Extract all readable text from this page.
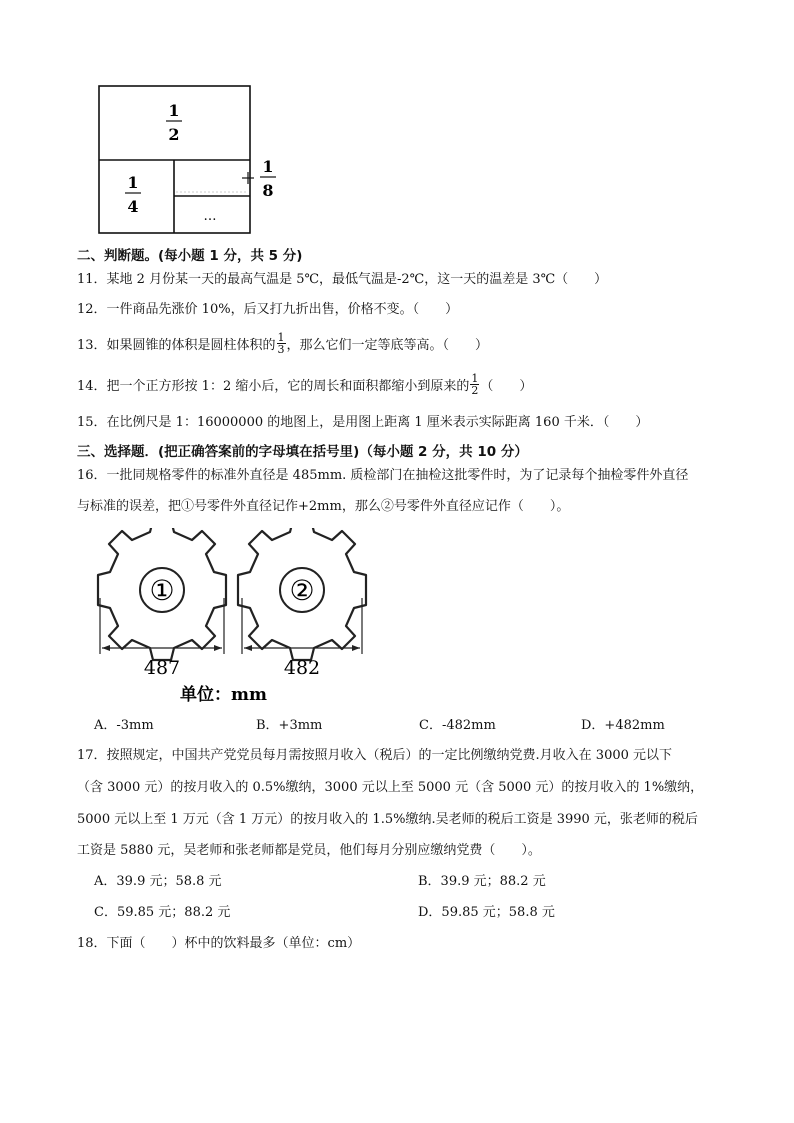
1
2
1
4
1
8
…
二、判断题。(每小题 1 分，共 5 分)
11．某地 2 月份某一天的最高气温是 5℃，最低气温是-2℃，这一天的温差是 3℃（　　）
12．一件商品先涨价 10%，后又打九折出售，价格不变。（　　）
13．如果圆锥的体积是圆柱体积的 $\frac{1}{3}$ ，那么它们一定等底等高。（　　）
14．把一个正方形按 1：2 缩小后，它的周长和面积都缩小到原来的 $\frac{1}{2}$ （　　）
15．在比例尺是 1：16000000 的地图上，是用图上距离 1 厘米表示实际距离 160 千米．（　　）
三、选择题．(把正确答案前的字母填在括号里)（每小题 2 分，共 10 分）
16．一批同规格零件的标准外直径是 485mm. 质检部门在抽检这批零件时，为了记录每个抽检零件外直径
与标准的误差，把①号零件外直径记作+2mm，那么②号零件外直径应记作（　　）。
①	②
487	482
单位：mm
A．-3mm	B．+3mm	C．-482mm	D．+482mm
17．按照规定，中国共产党党员每月需按照月收入（税后）的一定比例缴纳党费.月收入在 3000 元以下
（含 3000 元）的按月收入的 0.5%缴纳，3000 元以上至 5000 元（含 5000 元）的按月收入的 1%缴纳，
5000 元以上至 1 万元（含 1 万元）的按月收入的 1.5%缴纳.吴老师的税后工资是 3990 元，张老师的税后
工资是 5880 元，吴老师和张老师都是党员，他们每月分别应缴纳党费（　　）。
A．39.9 元；58.8 元	B．39.9 元；88.2 元
C．59.85 元；88.2 元	D．59.85 元；58.8 元
18．下面（　　）杯中的饮料最多（单位：cm）
